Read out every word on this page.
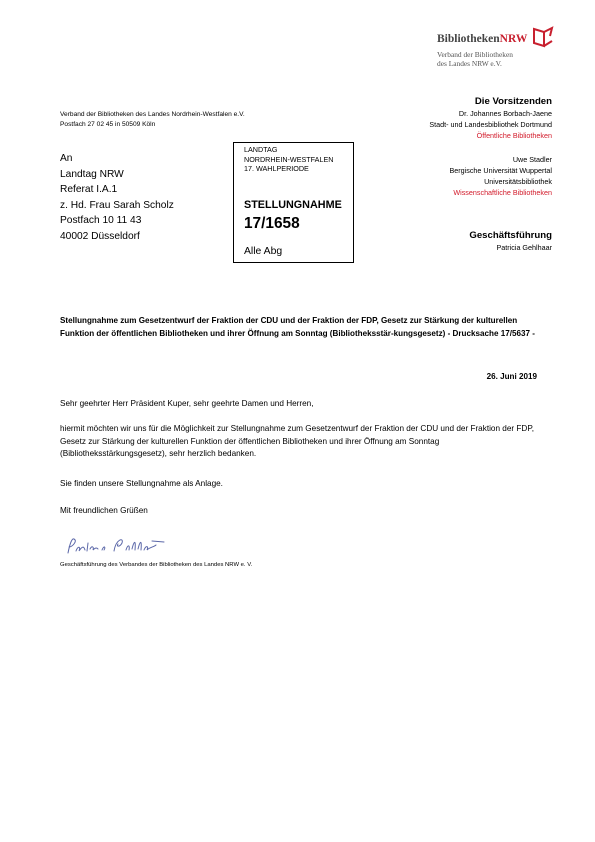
BibliothekenNRW
Verband der Bibliotheken
des Landes NRW e.V.
Verband der Bibliotheken des Landes Nordrhein-Westfalen e.V.
Postfach 27 02 45 in 50509 Köln
Die Vorsitzenden
Dr. Johannes Borbach-Jaene
Stadt- und Landesbibliothek Dortmund
Öffentliche Bibliotheken
Uwe Stadler
Bergische Universität Wuppertal
Universitätsbibliothek
Wissenschaftliche Bibliotheken
Geschäftsführung
Patricia Gehlhaar
An
Landtag NRW
Referat I.A.1
z. Hd. Frau Sarah Scholz
Postfach 10 11 43
40002 Düsseldorf
LANDTAG
NORDRHEIN-WESTFALEN
17. WAHLPERIODE
STELLUNGNAHME
17/1658
Alle Abg
Stellungnahme zum Gesetzentwurf der Fraktion der CDU und der Fraktion der FDP, Gesetz zur Stärkung der kulturellen Funktion der öffentlichen Bibliotheken und ihrer Öffnung am Sonntag (Bibliotheksstär-kungsgesetz) - Drucksache 17/5637 -
26. Juni 2019
Sehr geehrter Herr Präsident Kuper, sehr geehrte Damen und Herren,
hiermit möchten wir uns für die Möglichkeit zur Stellungnahme zum Gesetzentwurf der Fraktion der CDU und der Fraktion der FDP, Gesetz zur Stärkung der kulturellen Funktion der öffentlichen Bibliotheken und ihrer Öffnung am Sonntag (Bibliotheksstärkungsgesetz), sehr herzlich bedanken.
Sie finden unsere Stellungnahme als Anlage.
Mit freundlichen Grüßen
Geschäftsführung des Verbandes der Bibliotheken des Landes NRW e. V.
